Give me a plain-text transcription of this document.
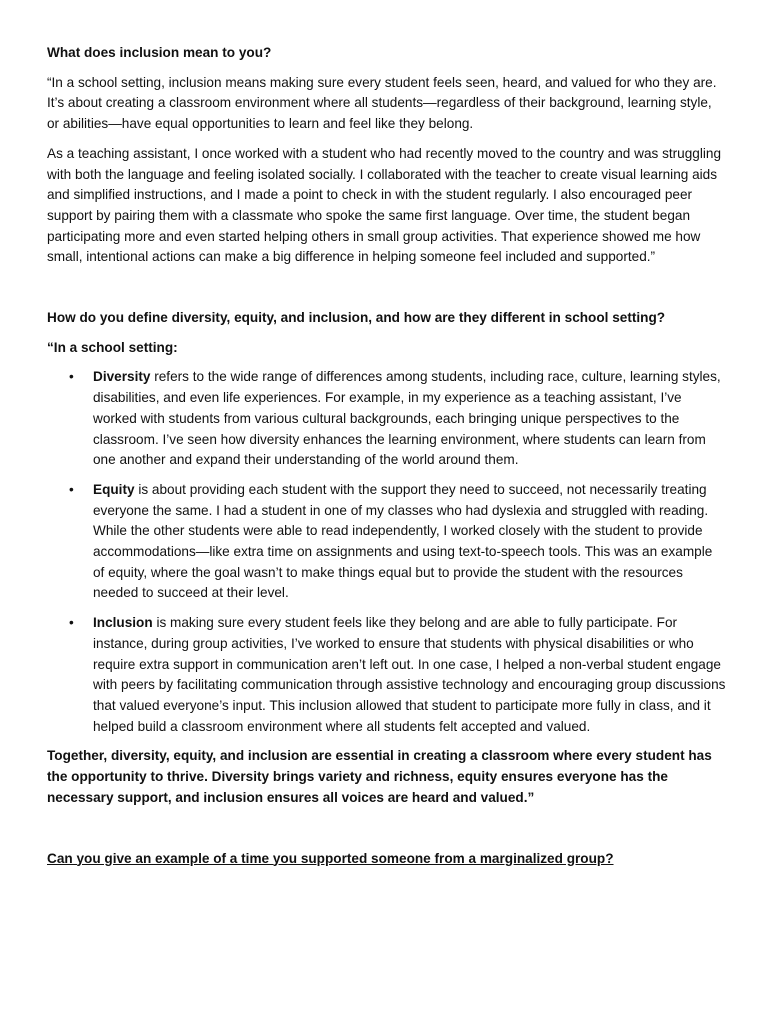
What does inclusion mean to you?
“In a school setting, inclusion means making sure every student feels seen, heard, and valued for who they are. It’s about creating a classroom environment where all students—regardless of their background, learning style, or abilities—have equal opportunities to learn and feel like they belong.
As a teaching assistant, I once worked with a student who had recently moved to the country and was struggling with both the language and feeling isolated socially. I collaborated with the teacher to create visual learning aids and simplified instructions, and I made a point to check in with the student regularly. I also encouraged peer support by pairing them with a classmate who spoke the same first language. Over time, the student began participating more and even started helping others in small group activities. That experience showed me how small, intentional actions can make a big difference in helping someone feel included and supported.”
How do you define diversity, equity, and inclusion, and how are they different in school setting?
“In a school setting:
• Diversity refers to the wide range of differences among students, including race, culture, learning styles, disabilities, and even life experiences. For example, in my experience as a teaching assistant, I’ve worked with students from various cultural backgrounds, each bringing unique perspectives to the classroom. I’ve seen how diversity enhances the learning environment, where students can learn from one another and expand their understanding of the world around them.
• Equity is about providing each student with the support they need to succeed, not necessarily treating everyone the same. I had a student in one of my classes who had dyslexia and struggled with reading. While the other students were able to read independently, I worked closely with the student to provide accommodations—like extra time on assignments and using text-to-speech tools. This was an example of equity, where the goal wasn’t to make things equal but to provide the student with the resources needed to succeed at their level.
• Inclusion is making sure every student feels like they belong and are able to fully participate. For instance, during group activities, I’ve worked to ensure that students with physical disabilities or who require extra support in communication aren’t left out. In one case, I helped a non-verbal student engage with peers by facilitating communication through assistive technology and encouraging group discussions that valued everyone’s input. This inclusion allowed that student to participate more fully in class, and it helped build a classroom environment where all students felt accepted and valued.
Together, diversity, equity, and inclusion are essential in creating a classroom where every student has the opportunity to thrive. Diversity brings variety and richness, equity ensures everyone has the necessary support, and inclusion ensures all voices are heard and valued.”
Can you give an example of a time you supported someone from a marginalized group?
